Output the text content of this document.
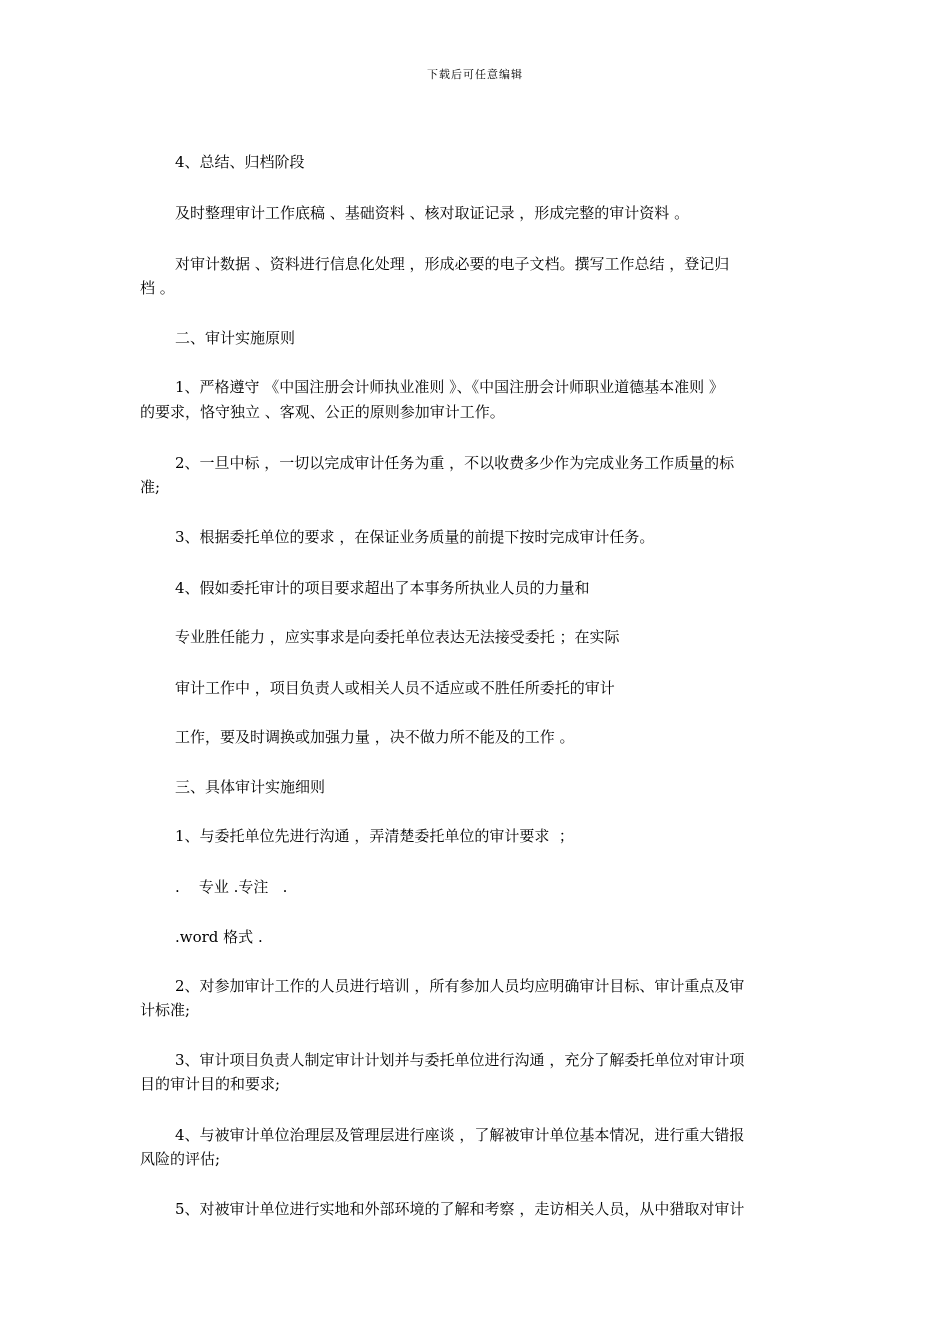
下载后可任意编辑
4、总结、归档阶段
及时整理审计工作底稿 、基础资料 、核对取证记录 ，形成完整的审计资料 。
对审计数据 、资料进行信息化处理 ，形成必要的电子文档。撰写工作总结 ，登记归
档 。
二、审计实施原则
1、严格遵守 《中国注册会计师执业准则 》、《中国注册会计师职业道德基本准则 》
的要求，恪守独立 、客观、公正的原则参加审计工作。
2、一旦中标 ，一切以完成审计任务为重 ，不以收费多少作为完成业务工作质量的标
准;
3、根据委托单位的要求 ，在保证业务质量的前提下按时完成审计任务。
4、假如委托审计的项目要求超出了本事务所执业人员的力量和
专业胜任能力 ，应实事求是向委托单位表达无法接受委托 ；在实际
审计工作中 ，项目负责人或相关人员不适应或不胜任所委托的审计
工作，要及时调换或加强力量 ，决不做力所不能及的工作 。
三、具体审计实施细则
1、与委托单位先进行沟通 ，弄清楚委托单位的审计要求  ；
.    专业 .专注   .
.word 格式 .
2、对参加审计工作的人员进行培训 ，所有参加人员均应明确审计目标、审计重点及审
计标准;
3、审计项目负责人制定审计计划并与委托单位进行沟通 ，充分了解委托单位对审计项
目的审计目的和要求;
4、与被审计单位治理层及管理层进行座谈 ，了解被审计单位基本情况，进行重大错报
风险的评估;
5、对被审计单位进行实地和外部环境的了解和考察 ，走访相关人员，从中猎取对审计
